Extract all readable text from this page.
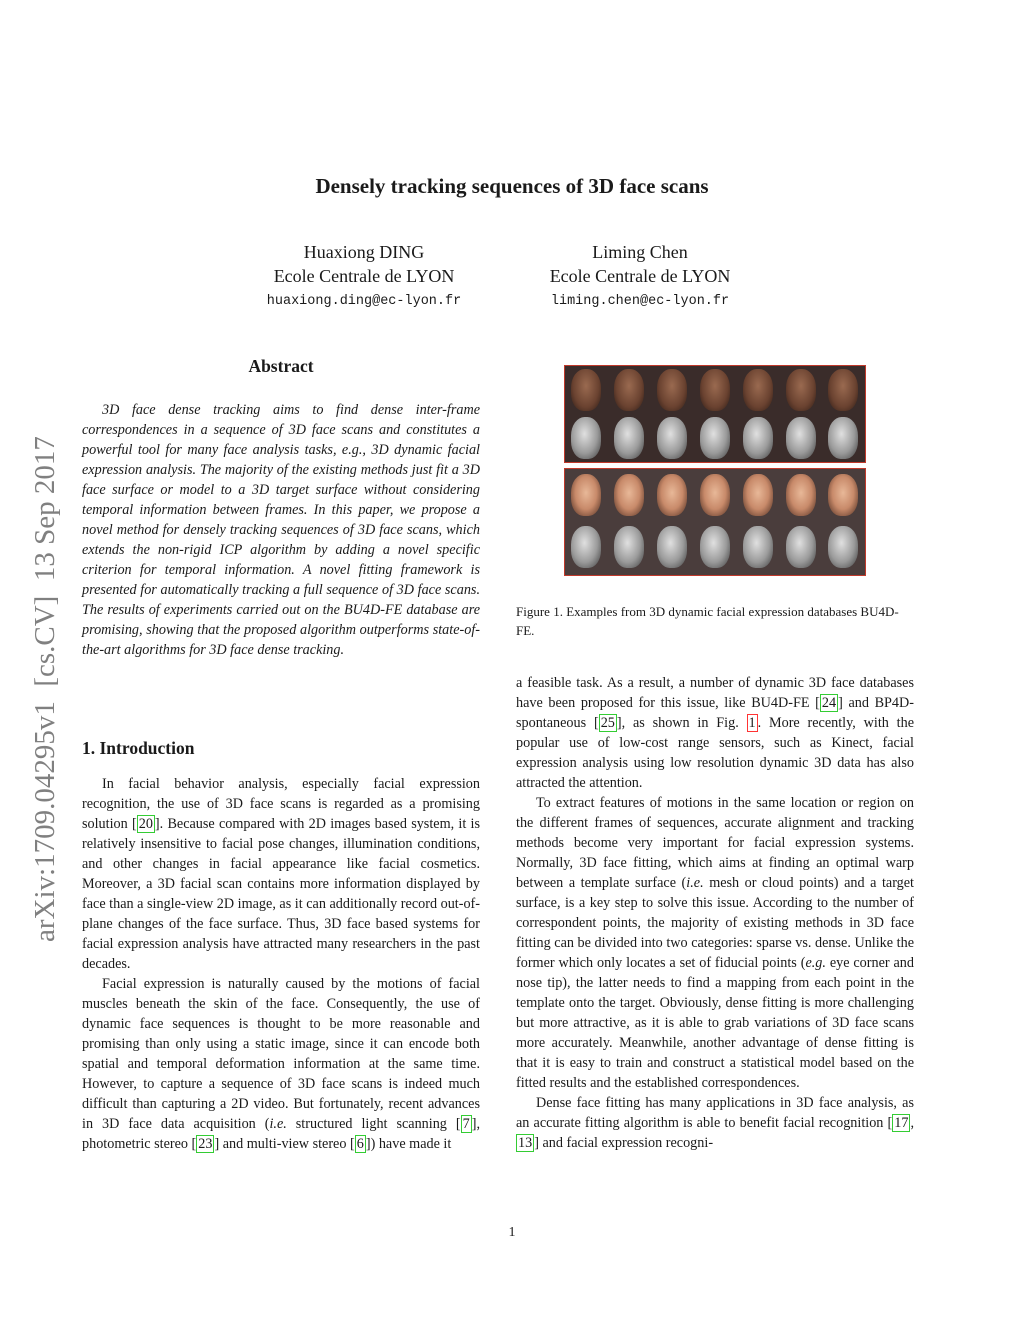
Densely tracking sequences of 3D face scans
Huaxiong DING
Ecole Centrale de LYON
huaxiong.ding@ec-lyon.fr
Liming Chen
Ecole Centrale de LYON
liming.chen@ec-lyon.fr
arXiv:1709.04295v1  [cs.CV]  13 Sep 2017
Abstract
3D face dense tracking aims to find dense inter-frame correspondences in a sequence of 3D face scans and constitutes a powerful tool for many face analysis tasks, e.g., 3D dynamic facial expression analysis. The majority of the existing methods just fit a 3D face surface or model to a 3D target surface without considering temporal information between frames. In this paper, we propose a novel method for densely tracking sequences of 3D face scans, which extends the non-rigid ICP algorithm by adding a novel specific criterion for temporal information. A novel fitting framework is presented for automatically tracking a full sequence of 3D face scans. The results of experiments carried out on the BU4D-FE database are promising, showing that the proposed algorithm outperforms state-of-the-art algorithms for 3D face dense tracking.
1. Introduction

In facial behavior analysis, especially facial expression recognition, the use of 3D face scans is regarded as a promising solution [ 20 ]. Because compared with 2D images based system, it is relatively insensitive to facial pose changes, illumination conditions, and other changes in facial appearance like facial cosmetics. Moreover, a 3D facial scan contains more information displayed by face than a single-view 2D image, as it can additionally record out-of-plane changes of the face surface. Thus, 3D face based systems for facial expression analysis have attracted many researchers in the past decades.

Facial expression is naturally caused by the motions of facial muscles beneath the skin of the face. Consequently, the use of dynamic face sequences is thought to be more reasonable and promising than only using a static image, since it can encode both spatial and temporal deformation information at the same time. However, to capture a sequence of 3D face scans is indeed much difficult than capturing a 2D video. But fortunately, recent advances in 3D face data acquisition (i.e. structured light scanning [ 7 ], photometric stereo [ 23 ] and multi-view stereo [ 6 ]) have made it

Figure 1. Examples from 3D dynamic facial expression databases BU4D-FE.

a feasible task. As a result, a number of dynamic 3D face databases have been proposed for this issue, like BU4D-FE [ 24 ] and BP4D-spontaneous [ 25 ], as shown in Fig. 1 . More recently, with the popular use of low-cost range sensors, such as Kinect, facial expression analysis using low resolution dynamic 3D data has also attracted the attention.

To extract features of motions in the same location or region on the different frames of sequences, accurate alignment and tracking methods become very important for facial expression systems. Normally, 3D face fitting, which aims at finding an optimal warp between a template surface (i.e. mesh or cloud points) and a target surface, is a key step to solve this issue. According to the number of correspondent points, the majority of existing methods in 3D face fitting can be divided into two categories: sparse vs. dense. Unlike the former which only locates a set of fiducial points (e.g. eye corner and nose tip), the latter needs to find a mapping from each point in the template onto the target. Obviously, dense fitting is more challenging but more attractive, as it is able to grab variations of 3D face scans more accurately. Meanwhile, another advantage of dense fitting is that it is easy to train and construct a statistical model based on the fitted results and the established correspondences.

Dense face fitting has many applications in 3D face analysis, as an accurate fitting algorithm is able to benefit facial recognition [ 17 , 13 ] and facial expression recogni-

1
